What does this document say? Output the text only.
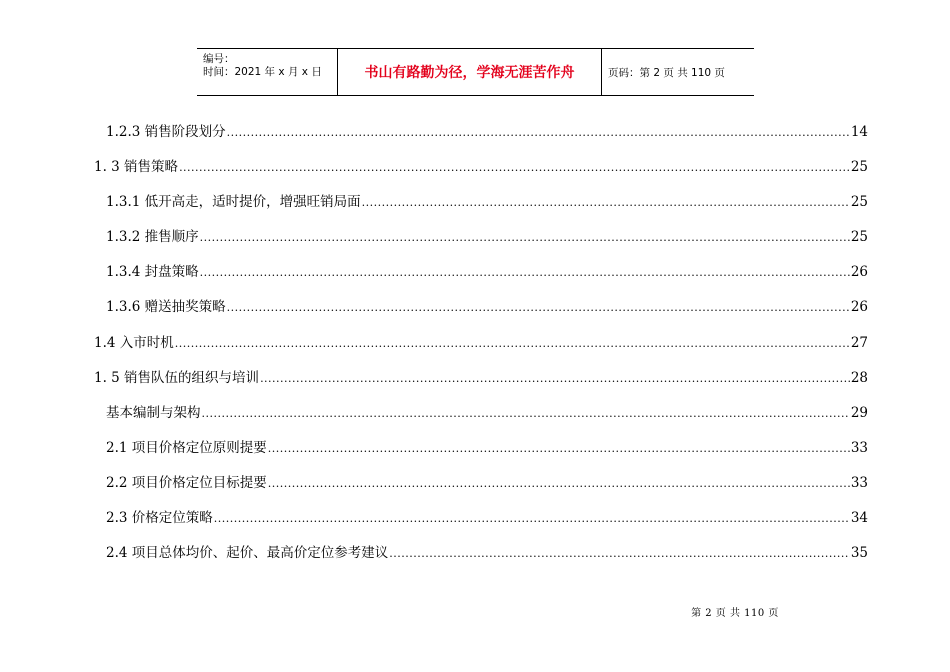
编号：
时间：2021 年 x 月 x 日	书山有路勤为径，学海无涯苦作舟	页码：第 2 页 共 110 页
1.2.3 销售阶段划分 .....	14
1. 3 销售策略 .....	25
1.3.1 低开高走，适时提价，增强旺销局面 .....	25
1.3.2 推售顺序 .....	25
1.3.4 封盘策略 .....	26
1.3.6 赠送抽奖策略 .....	26
1.4 入市时机 .....	27
1. 5 销售队伍的组织与培训 .....	28
基本编制与架构 .....	29
2.1 项目价格定位原则提要 .....	33
2.2 项目价格定位目标提要 .....	33
2.3 价格定位策略 .....	34
2.4 项目总体均价、起价、最高价定位参考建议 .....	35
第 2 页 共 110 页
